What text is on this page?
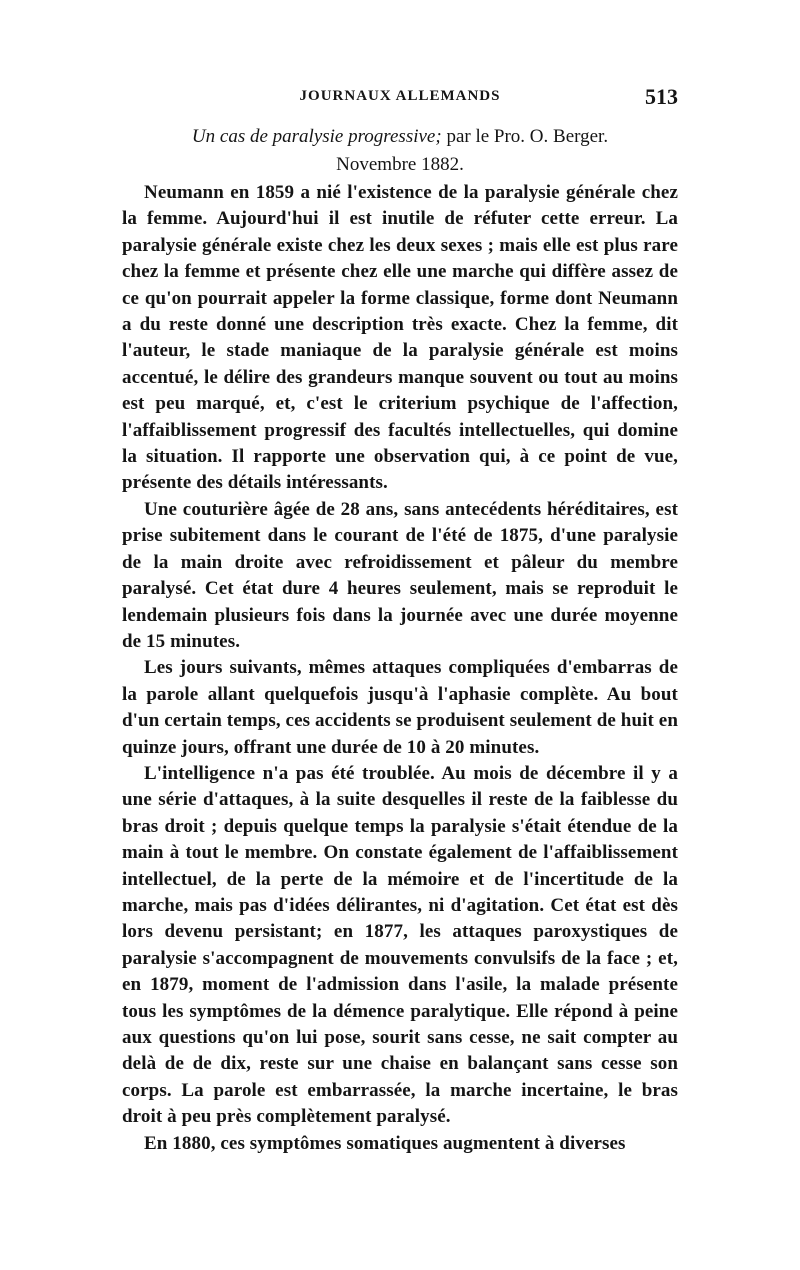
JOURNAUX ALLEMANDS	513

Un cas de paralysie progressive; par le Pro. O. Berger.

Novembre 1882.

Neumann en 1859 a nié l'existence de la paralysie générale chez la femme. Aujourd'hui il est inutile de réfuter cette erreur. La paralysie générale existe chez les deux sexes ; mais elle est plus rare chez la femme et présente chez elle une marche qui diffère assez de ce qu'on pourrait appeler la forme classique, forme dont Neumann a du reste donné une description très exacte. Chez la femme, dit l'auteur, le stade maniaque de la paralysie générale est moins accentué, le délire des grandeurs manque souvent ou tout au moins est peu marqué, et, c'est le criterium psychique de l'affection, l'affaiblissement progressif des facultés intellectuelles, qui domine la situation. Il rapporte une observation qui, à ce point de vue, présente des détails intéressants.

Une couturière âgée de 28 ans, sans antecédents héréditaires, est prise subitement dans le courant de l'été de 1875, d'une paralysie de la main droite avec refroidissement et pâleur du membre paralysé. Cet état dure 4 heures seulement, mais se reproduit le lendemain plusieurs fois dans la journée avec une durée moyenne de 15 minutes.

Les jours suivants, mêmes attaques compliquées d'embarras de la parole allant quelquefois jusqu'à l'aphasie complète. Au bout d'un certain temps, ces accidents se produisent seulement de huit en quinze jours, offrant une durée de 10 à 20 minutes.

L'intelligence n'a pas été troublée. Au mois de décembre il y a une série d'attaques, à la suite desquelles il reste de la faiblesse du bras droit ; depuis quelque temps la paralysie s'était étendue de la main à tout le membre. On constate également de l'affaiblissement intellectuel, de la perte de la mémoire et de l'incertitude de la marche, mais pas d'idées délirantes, ni d'agitation. Cet état est dès lors devenu persistant; en 1877, les attaques paroxystiques de paralysie s'accompagnent de mouvements convulsifs de la face ; et, en 1879, moment de l'admission dans l'asile, la malade présente tous les symptômes de la démence paralytique. Elle répond à peine aux questions qu'on lui pose, sourit sans cesse, ne sait compter au delà de de dix, reste sur une chaise en balançant sans cesse son corps. La parole est embarrassée, la marche incertaine, le bras droit à peu près complètement paralysé.

En 1880, ces symptômes somatiques augmentent à diverses
